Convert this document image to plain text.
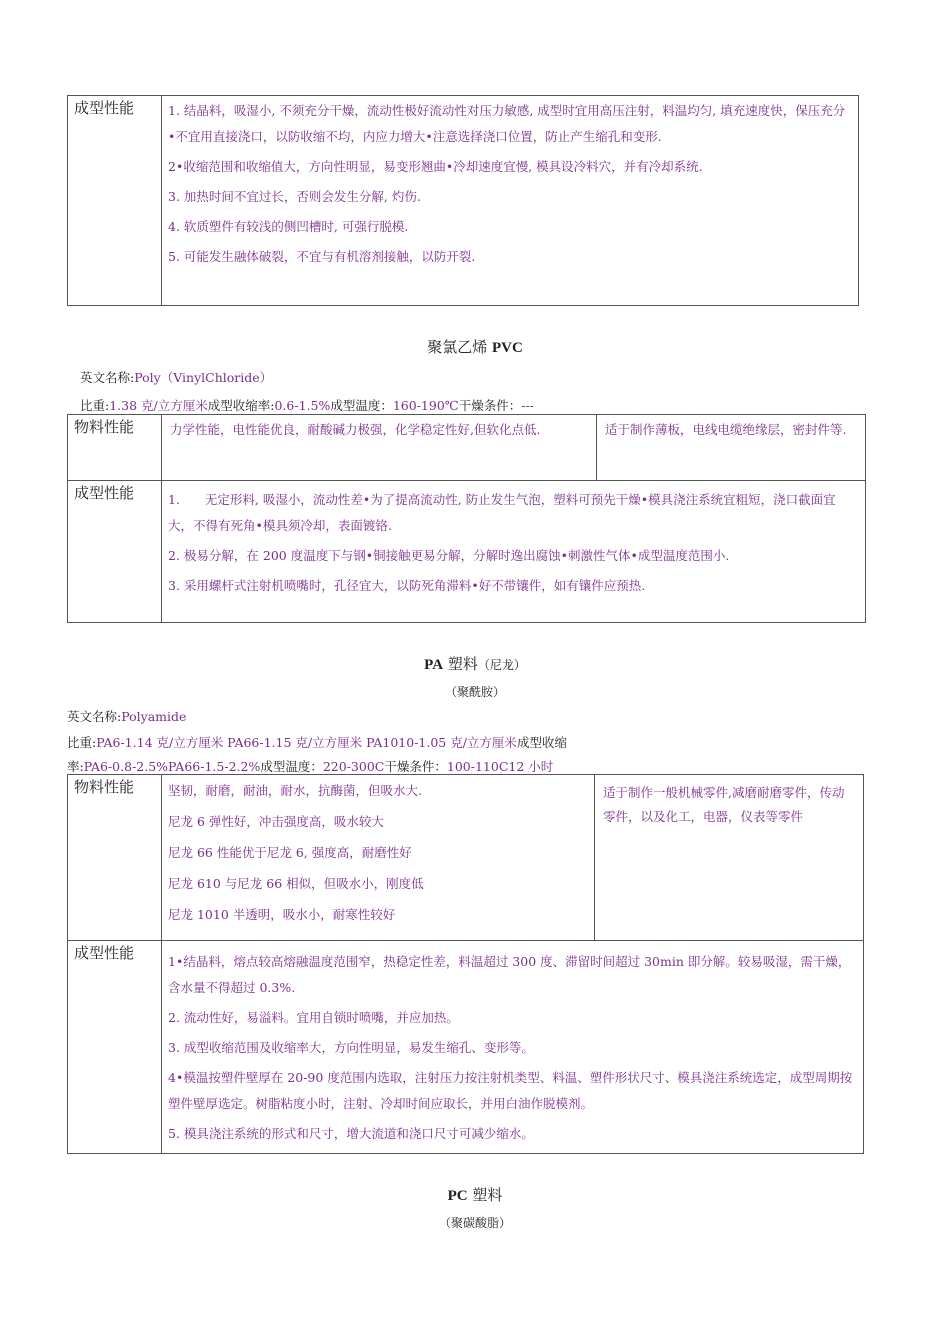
成型性能	1. 结晶料，吸湿小, 不须充分干燥，流动性极好流动性对压力敏感, 成型时宜用高压注射，料温均匀, 填充速度快，保压充分•不宜用直接浇口，以防收缩不均，内应力增大•注意选择浇口位置，防止产生缩孔和变形.

2•收缩范围和收缩值大，方向性明显，易变形翘曲•冷却速度宜慢, 模具设冷料穴，并有冷却系统.

3. 加热时间不宜过长，否则会发生分解, 灼伤.

4. 软质塑件有较浅的侧凹槽时, 可强行脱模.

5. 可能发生融体破裂，不宜与有机溶剂接触，以防开裂.

聚氯乙烯 PVC
英文名称:Poly（VinylChloride）
比重:1.38 克/立方厘米成型收缩率:0.6-1.5%成型温度：160-190℃干燥条件：---
物料性能	力学性能，电性能优良，耐酸碱力极强，化学稳定性好,但软化点低.	适于制作薄板，电线电缆绝缘层，密封件等.
成型性能	1.　　无定形料, 吸湿小，流动性差•为了提高流动性, 防止发生气泡，塑料可预先干燥•模具浇注系统宜粗短，浇口截面宜大，不得有死角•模具须冷却，表面镀铬.

2. 极易分解，在 200 度温度下与钢•铜接触更易分解，分解时逸出腐蚀•刺激性气体•成型温度范围小.

3. 采用螺杆式注射机喷嘴时，孔径宜大，以防死角滞料•好不带镶件，如有镶件应预热.	

PA 塑料（尼龙）
（聚酰胺）
英文名称:Polyamide
比重:PA6-1.14 克/立方厘米 PA66-1.15 克/立方厘米 PA1010-1.05 克/立方厘米成型收缩
率:PA6-0.8-2.5%PA66-1.5-2.2%成型温度：220-300C干燥条件：100-110C12 小时
物料性能	坚韧，耐磨，耐油，耐水，抗酶菌，但吸水大.

尼龙 6 弹性好，冲击强度高，吸水较大

尼龙 66 性能优于尼龙 6, 强度高，耐磨性好

尼龙 610 与尼龙 66 相似，但吸水小，刚度低

尼龙 1010 半透明，吸水小，耐寒性较好	适于制作一般机械零件,减磨耐磨零件，传动零件，以及化工，电器，仪表等零件
成型性能	1•结晶料，熔点较高熔融温度范围窄，热稳定性差，料温超过 300 度、滞留时间超过 30min 即分解。较易吸湿，需干燥，含水量不得超过 0.3%.

2. 流动性好，易溢料。宜用自锁时喷嘴，并应加热。

3. 成型收缩范围及收缩率大，方向性明显，易发生缩孔、变形等。

4•模温按塑件壁厚在 20-90 度范围内选取，注射压力按注射机类型、料温、塑件形状尺寸、模具浇注系统选定，成型周期按塑件壁厚选定。树脂粘度小时，注射、冷却时间应取长，并用白油作脱模剂。

5. 模具浇注系统的形式和尺寸，增大流道和浇口尺寸可减少缩水。	

PC 塑料
（聚碳酸脂）
